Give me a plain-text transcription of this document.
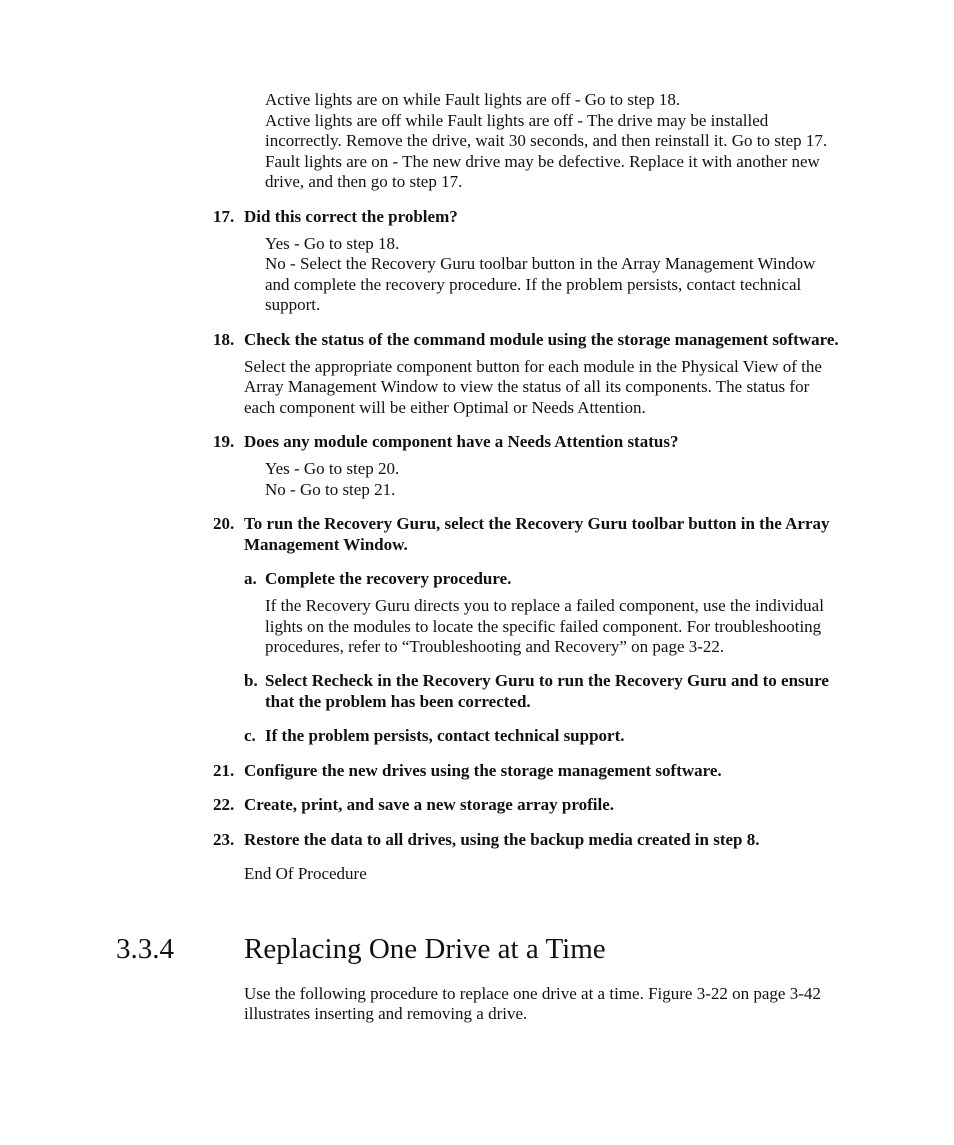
Active lights are on while Fault lights are off - Go to step 18.

Active lights are off while Fault lights are off - The drive may be installed

incorrectly. Remove the drive, wait 30 seconds, and then reinstall it. Go to step 17.

Fault lights are on - The new drive may be defective. Replace it with another new

drive, and then go to step 17.

17. Did this correct the problem?

Yes - Go to step 18.

No - Select the Recovery Guru toolbar button in the Array Management Window

and complete the recovery procedure. If the problem persists, contact technical

support.

18. Check the status of the command module using the storage management software.

Select the appropriate component button for each module in the Physical View of the

Array Management Window to view the status of all its components. The status for

each component will be either Optimal or Needs Attention.

19. Does any module component have a Needs Attention status?

Yes - Go to step 20.

No - Go to step 21.

20. To run the Recovery Guru, select the Recovery Guru toolbar button in the Array
Management Window.
a. Complete the recovery procedure.

If the Recovery Guru directs you to replace a failed component, use the individual

lights on the modules to locate the specific failed component. For troubleshooting

procedures, refer to “Troubleshooting and Recovery” on page 3-22.

b. Select Recheck in the Recovery Guru to run the Recovery Guru and to ensure
that the problem has been corrected.
c. If the problem persists, contact technical support.
21. Configure the new drives using the storage management software.
22. Create, print, and save a new storage array profile.
23. Restore the data to all drives, using the backup media created in step 8.

End Of Procedure

3.3.4 Replacing One Drive at a Time

Use the following procedure to replace one drive at a time. Figure 3-22 on page 3-42

illustrates inserting and removing a drive.
